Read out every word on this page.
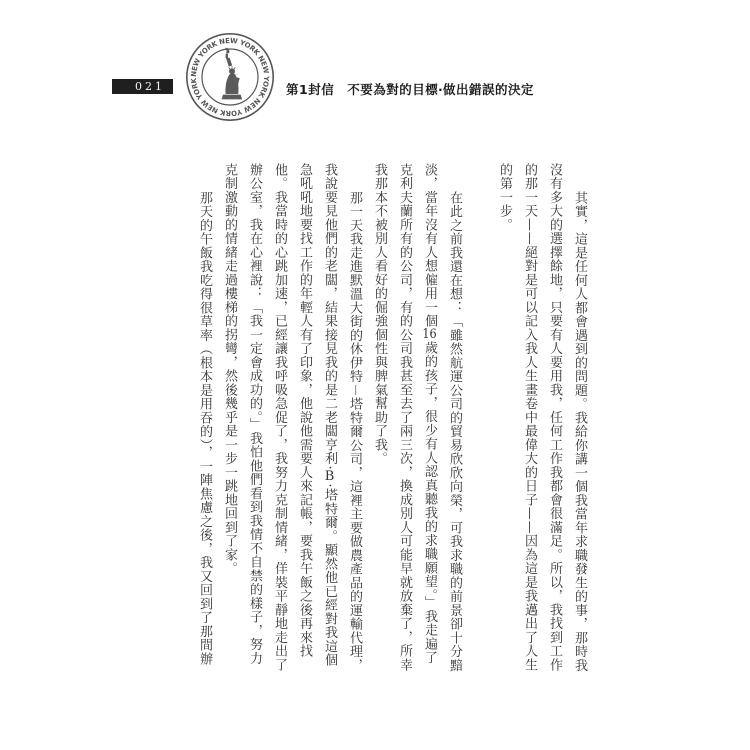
021
NEW YORK NEW YORK NEW YORK NEW YORK NEW YORK
第1封信 不要為對的目標‧做出錯誤的決定

其實，這是任何人都會遇到的問題。我給你講一個我當年求職發生的事，那時我沒有多大的選擇餘地，只要有人要用我，任何工作我都會很滿足。所以，我找到工作的那一天——絕對是可以記入我人生畫卷中最偉大的日子——因為這是我邁出了人生的第一步。

在此之前我還在想：「雖然航運公司的貿易欣欣向榮，可我求職的前景卻十分黯淡，當年沒有人想僱用一個16歲的孩子，很少有人認真聽我的求職願望。」我走遍了克利夫蘭所有的公司，有的公司我甚至去了兩三次，換成別人可能早就放棄了，所幸我那本不被別人看好的倔強個性與脾氣幫助了我。

那一天我走進默溫大街的休伊特－塔特爾公司，這裡主要做農產品的運輸代理，我說要見他們的老闆，結果接見我的是二老闆亨利·B·塔特爾。顯然他已經對我這個急吼吼地要找工作的年輕人有了印象，他說他需要人來記帳，要我午飯之後再來找他。我當時的心跳加速，已經讓我呼吸急促了，我努力克制情緒，佯裝平靜地走出了辦公室，我在心裡說：「我一定會成功的。」我怕他們看到我情不自禁的樣子，努力克制激動的情緒走過樓梯的拐彎，然後幾乎是一步一跳地回到了家。

那天的午飯我吃得很草率（根本是用吞的），一陣焦慮之後，我又回到了那間辦
